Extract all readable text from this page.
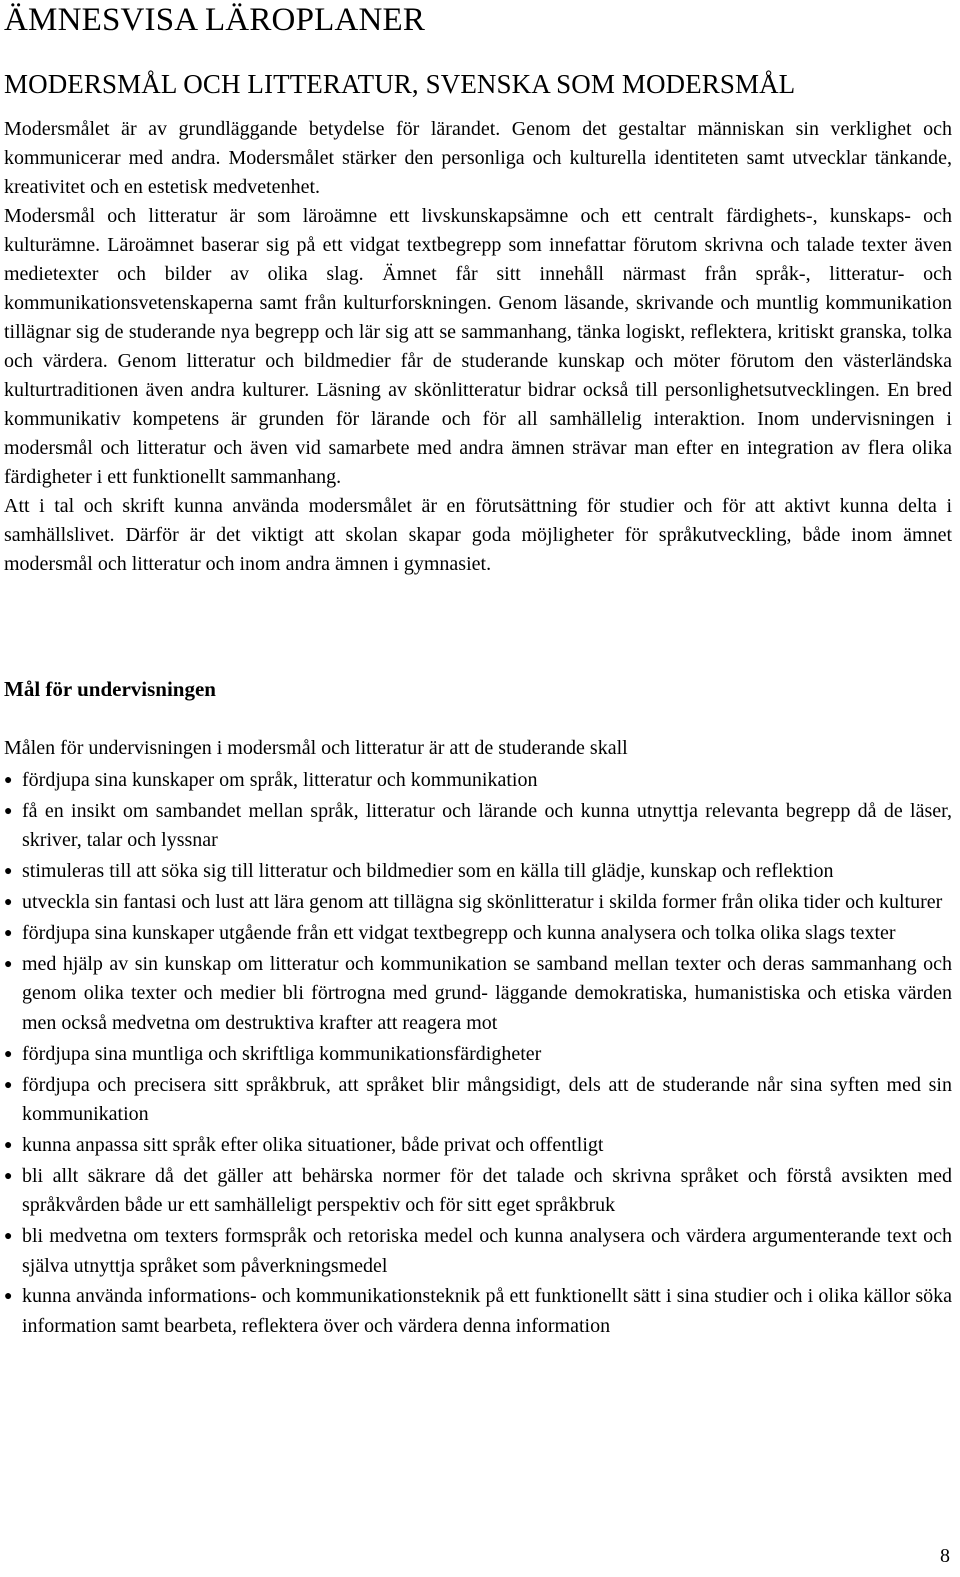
ÄMNESVISA LÄROPLANER
MODERSMÅL OCH LITTERATUR, SVENSKA SOM MODERSMÅL

Modersmålet är av grundläggande betydelse för lärandet. Genom det gestaltar människan sin verklighet och kommunicerar med andra. Modersmålet stärker den personliga och kulturella identiteten samt utvecklar tänkande, kreativitet och en estetisk medvetenhet.

Modersmål och litteratur är som läroämne ett livskunskapsämne och ett centralt färdighets-, kunskaps- och kulturämne. Läroämnet baserar sig på ett vidgat textbegrepp som innefattar förutom skrivna och talade texter även medietexter och bilder av olika slag. Ämnet får sitt innehåll närmast från språk-, litteratur- och kommunikationsvetenskaperna samt från kulturforskningen. Genom läsande, skrivande och muntlig kommunikation tillägnar sig de studerande nya begrepp och lär sig att se sammanhang, tänka logiskt, reflektera, kritiskt granska, tolka och värdera. Genom litteratur och bildmedier får de studerande kunskap och möter förutom den västerländska kulturtraditionen även andra kulturer. Läsning av skönlitteratur bidrar också till personlighetsutvecklingen. En bred kommunikativ kompetens är grunden för lärande och för all samhällelig interaktion. Inom undervisningen i modersmål och litteratur och även vid samarbete med andra ämnen strävar man efter en integration av flera olika färdigheter i ett funktionellt sammanhang.

Att i tal och skrift kunna använda modersmålet är en förutsättning för studier och för att aktivt kunna delta i samhällslivet. Därför är det viktigt att skolan skapar goda möjligheter för språkutveckling, både inom ämnet modersmål och litteratur och inom andra ämnen i gymnasiet.

Mål för undervisningen

Målen för undervisningen i modersmål och litteratur är att de studerande skall

● fördjupa sina kunskaper om språk, litteratur och kommunikation
● få en insikt om sambandet mellan språk, litteratur och lärande och kunna utnyttja relevanta begrepp då de läser, skriver, talar och lyssnar
● stimuleras till att söka sig till litteratur och bildmedier som en källa till glädje, kunskap och reflektion
● utveckla sin fantasi och lust att lära genom att tillägna sig skönlitteratur i skilda former från olika tider och kulturer
● fördjupa sina kunskaper utgående från ett vidgat textbegrepp och kunna analysera och tolka olika slags texter
● med hjälp av sin kunskap om litteratur och kommunikation se samband mellan texter och deras sammanhang och genom olika texter och medier bli förtrogna med grund- läggande demokratiska, humanistiska och etiska värden men också medvetna om destruktiva krafter att reagera mot
● fördjupa sina muntliga och skriftliga kommunikationsfärdigheter
● fördjupa och precisera sitt språkbruk, att språket blir mångsidigt, dels att de studerande når sina syften med sin kommunikation
● kunna anpassa sitt språk efter olika situationer, både privat och offentligt
● bli allt säkrare då det gäller att behärska normer för det talade och skrivna språket och förstå avsikten med språkvården både ur ett samhälleligt perspektiv och för sitt eget språkbruk
● bli medvetna om texters formspråk och retoriska medel och kunna analysera och värdera argumenterande text och själva utnyttja språket som påverkningsmedel
● kunna använda informations- och kommunikationsteknik på ett funktionellt sätt i sina studier och i olika källor söka information samt bearbeta, reflektera över och värdera denna information
8
